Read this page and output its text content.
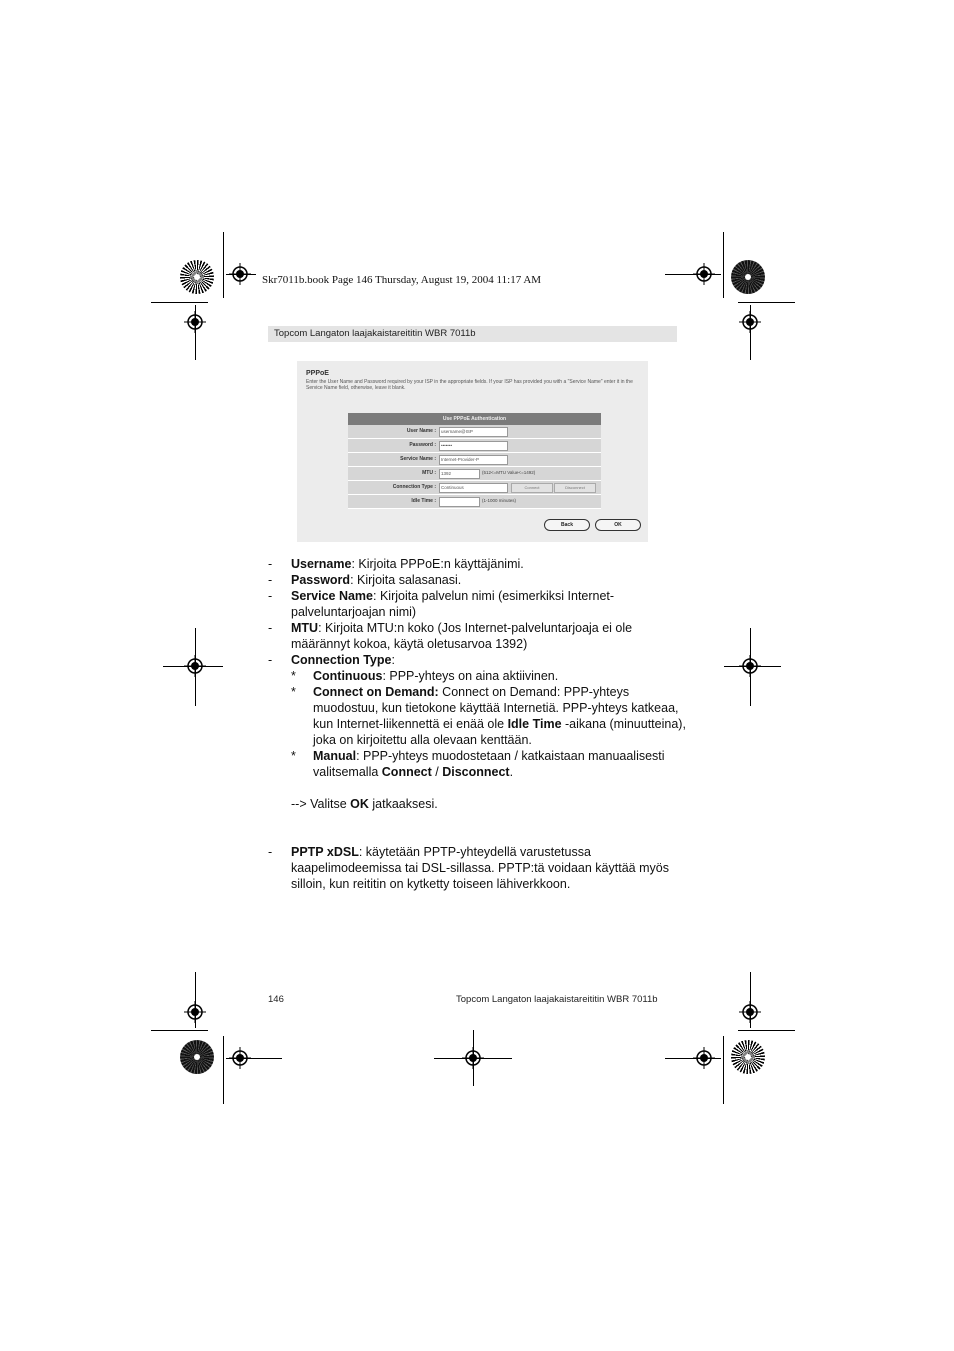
Skr7011b.book Page 146 Thursday, August 19, 2004 11:17 AM
Topcom Langaton laajakaistareititin WBR 7011b
PPPoE
Enter the User Name and Password required by your ISP in the appropriate fields. If your ISP has provided you with a "Service Name" enter it in the Service Name field, otherwise, leave it blank.
Use PPPoE Authentication
User Name :	username@ISP
Password :	•••••••
Service Name :	Internet-Provider-P
MTU :	1392	(512<=MTU Value<=1492)
Connection Type :	Continuous	Connect	Disconnect
Idle Time :	(1-1000 minutes)
Back	OK
- Username: Kirjoita PPPoE:n käyttäjänimi.
- Password: Kirjoita salasanasi.
- Service Name: Kirjoita palvelun nimi (esimerkiksi Internet-palveluntarjoajan nimi)
- MTU: Kirjoita MTU:n koko (Jos Internet-palveluntarjoaja ei ole määrännyt kokoa, käytä oletusarvoa 1392)
- Connection Type:
* Continuous: PPP-yhteys on aina aktiivinen.
* Connect on Demand: Connect on Demand: PPP-yhteys muodostuu, kun tietokone käyttää Internetiä. PPP-yhteys katkeaa, kun Internet-liikennettä ei enää ole Idle Time -aikana (minuutteina), joka on kirjoitettu alla olevaan kenttään.
* Manual: PPP-yhteys muodostetaan / katkaistaan manuaalisesti valitsemalla Connect / Disconnect.
--> Valitse OK jatkaaksesi.
- PPTP xDSL: käytetään PPTP-yhteydellä varustetussa kaapelimodeemissa tai DSL-sillassa. PPTP:tä voidaan käyttää myös silloin, kun reititin on kytketty toiseen lähiverkkoon.
146	Topcom Langaton laajakaistareititin WBR 7011b
